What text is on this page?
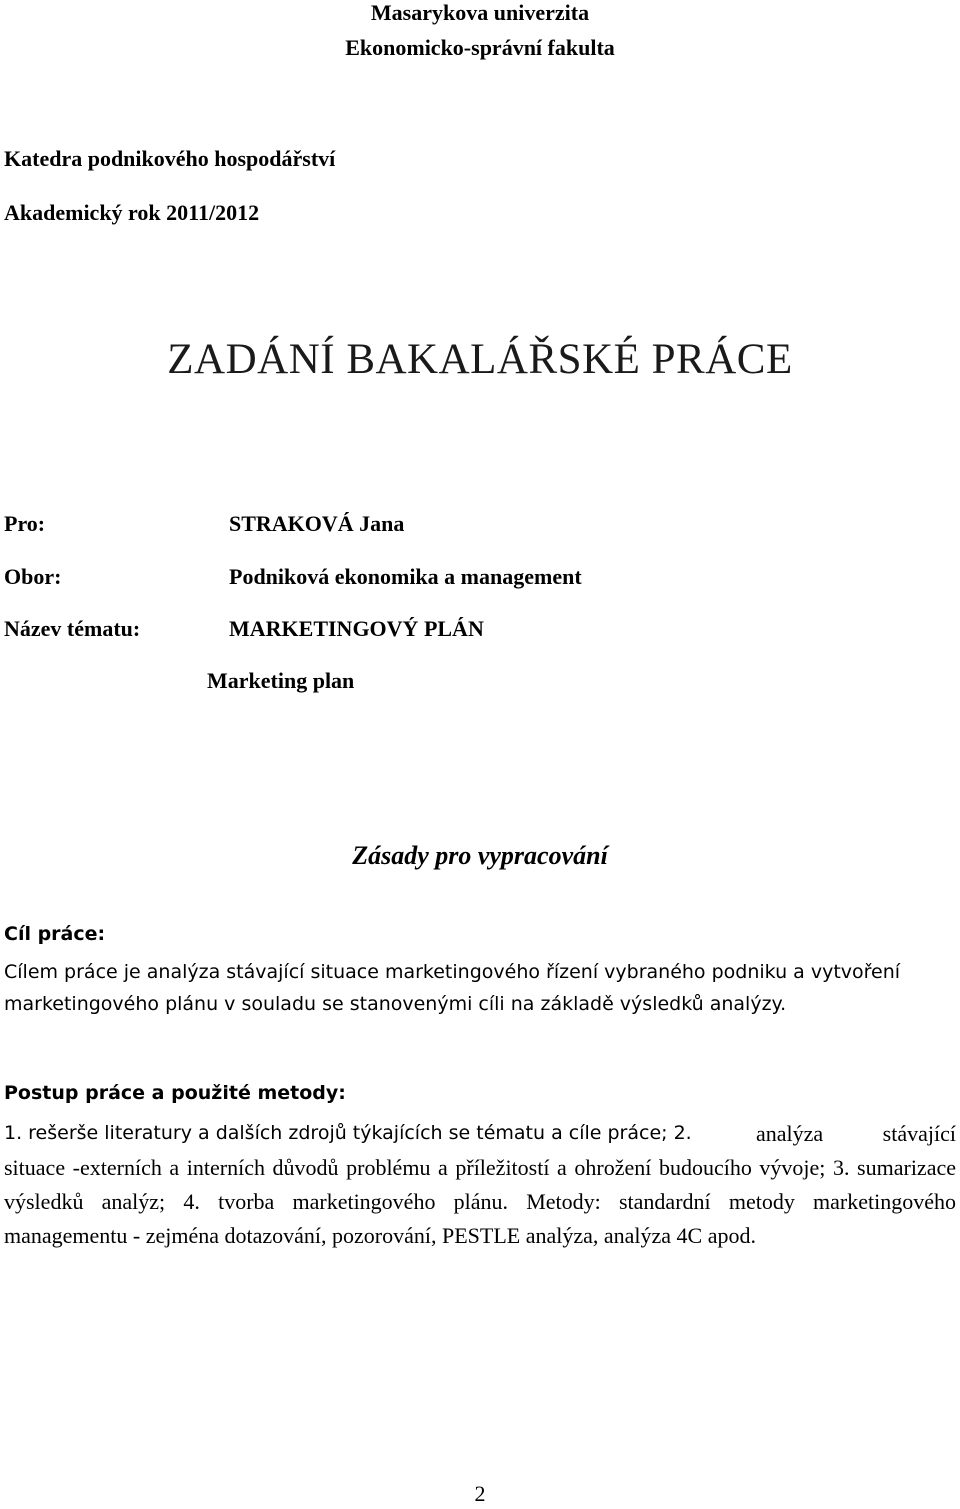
Masarykova univerzita
Ekonomicko-správní fakulta
Katedra podnikového hospodářství
Akademický rok 2011/2012
ZADÁNÍ BAKALÁŘSKÉ PRÁCE
Pro:	STRAKOVÁ Jana
Obor:	Podniková ekonomika a management
Název tématu:	MARKETINGOVÝ PLÁN
Marketing plan
Zásady pro vypracování
Cíl práce:
Cílem práce je analýza stávající situace marketingového řízení vybraného podniku a vytvoření marketingového plánu v souladu se stanovenými cíli na základě výsledků analýzy.
Postup práce a použité metody:
1. rešerše literatury a dalších zdrojů týkajících se tématu a cíle práce; 2.	analýza stávající situace -externích a interních důvodů problému a příležitostí a ohrožení budoucího vývoje; 3. sumarizace výsledků analýz; 4. tvorba marketingového plánu. Metody: standardní metody marketingového managementu - zejména dotazování, pozorování, PESTLE analýza, analýza 4C apod.
2
